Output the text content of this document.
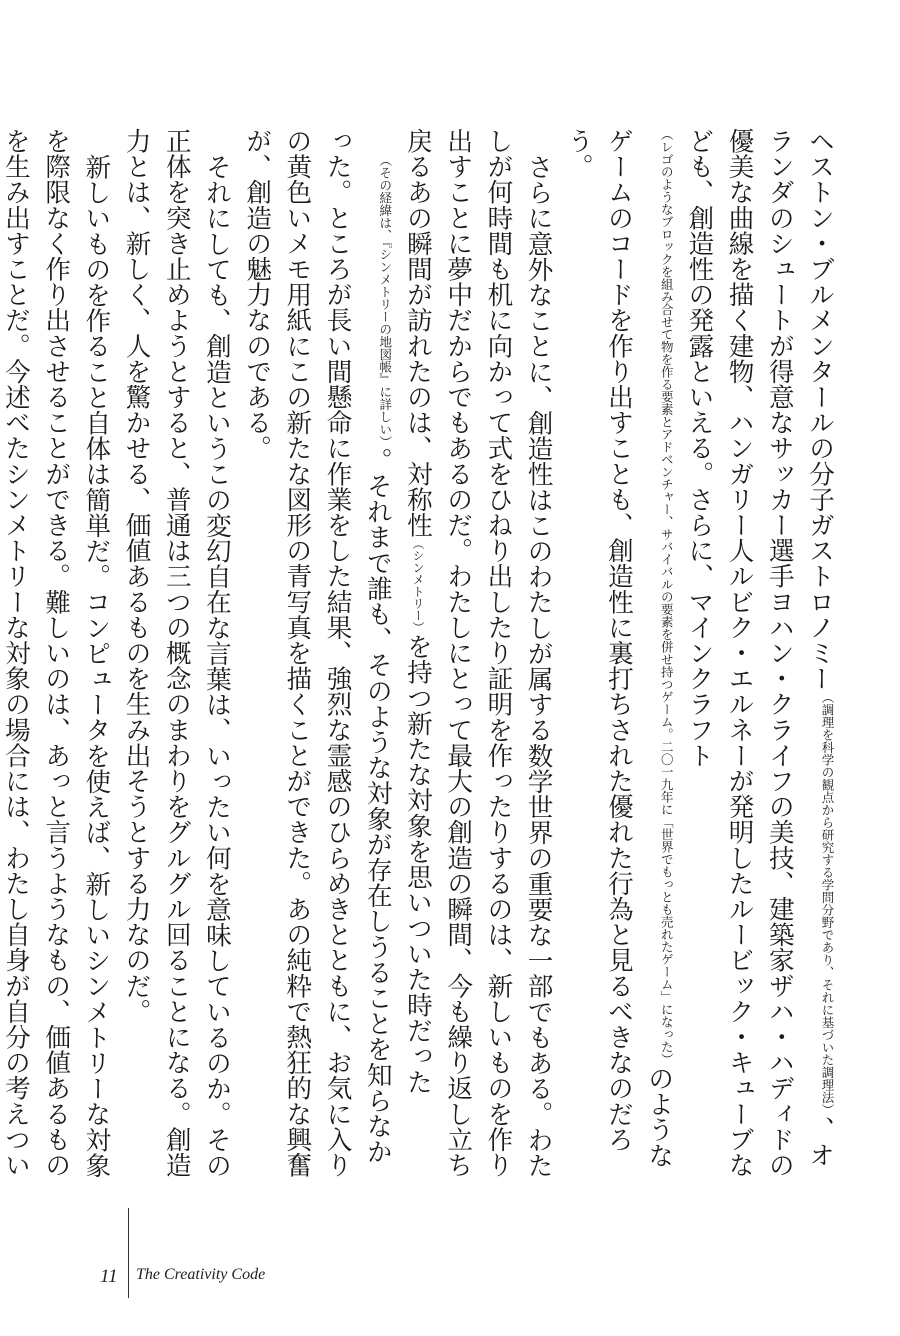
ヘストン・ブルメンタールの分子ガストロノミー（調理を科学の観点から研究する学問分野であり、それに基づいた調理法）、オランダのシュートが得意なサッカー選手ヨハン・クライフの美技、建築家ザハ・ハディドの優美な曲線を描く建物、ハンガリー人ルビク・エルネーが発明したルービック・キューブなども、創造性の発露といえる。さらに、マインクラフト（レゴのようなブロックを組み合せて物を作る要素とアドベンチャー、サバイバルの要素を併せ持つゲーム。二〇一九年に「世界でもっとも売れたゲーム」になった）のようなゲームのコードを作り出すことも、創造性に裏打ちされた優れた行為と見るべきなのだろう。

さらに意外なことに、創造性はこのわたしが属する数学世界の重要な一部でもある。わたしが何時間も机に向かって式をひねり出したり証明を作ったりするのは、新しいものを作り出すことに夢中だからでもあるのだ。わたしにとって最大の創造の瞬間、今も繰り返し立ち戻るあの瞬間が訪れたのは、対称性（シンメトリー）を持つ新たな対象を思いついた時だった（その経緯は、『シンメトリーの地図帳』に詳しい）。それまで誰も、そのような対象が存在しうることを知らなかった。ところが長い間懸命に作業をした結果、強烈な霊感のひらめきとともに、お気に入りの黄色いメモ用紙にこの新たな図形の青写真を描くことができた。あの純粋で熱狂的な興奮が、創造の魅力なのである。

それにしても、創造というこの変幻自在な言葉は、いったい何を意味しているのか。その正体を突き止めようとすると、普通は三つの概念のまわりをグルグル回ることになる。創造力とは、新しく、人を驚かせる、価値あるものを生み出そうとする力なのだ。

新しいものを作ること自体は簡単だ。コンピュータを使えば、新しいシンメトリーな対象を際限なく作り出させることができる。難しいのは、あっと言うようなもの、価値あるものを生み出すことだ。今述べたシンメトリーな対象の場合には、わたし自身が自分の考えつい

11 The Creativity Code
